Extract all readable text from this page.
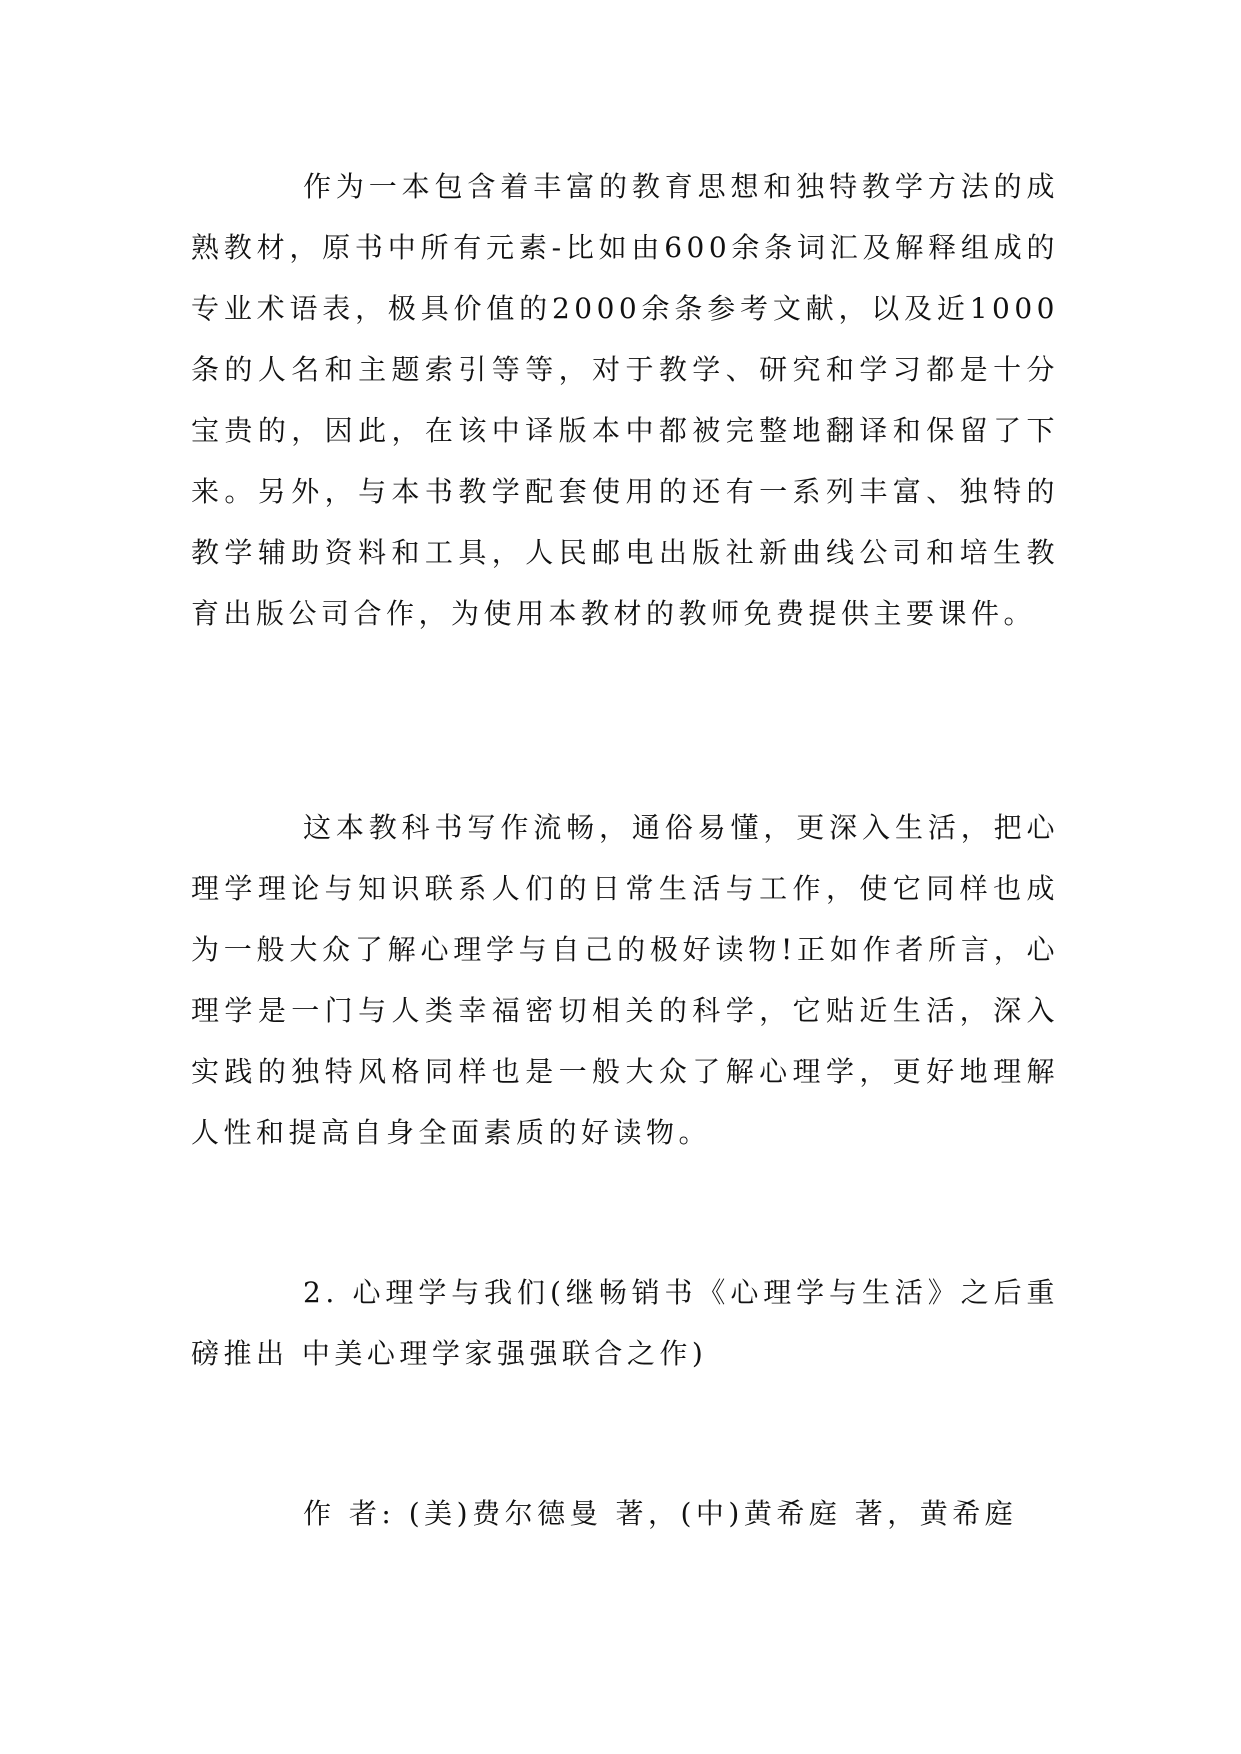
作为一本包含着丰富的教育思想和独特教学方法的成熟教材，原书中所有元素-比如由600余条词汇及解释组成的专业术语表，极具价值的2000余条参考文献，以及近1000条的人名和主题索引等等，对于教学、研究和学习都是十分宝贵的，因此，在该中译版本中都被完整地翻译和保留了下来。另外，与本书教学配套使用的还有一系列丰富、独特的教学辅助资料和工具，人民邮电出版社新曲线公司和培生教育出版公司合作，为使用本教材的教师免费提供主要课件。

这本教科书写作流畅，通俗易懂，更深入生活，把心理学理论与知识联系人们的日常生活与工作，使它同样也成为一般大众了解心理学与自己的极好读物!正如作者所言，心理学是一门与人类幸福密切相关的科学，它贴近生活，深入实践的独特风格同样也是一般大众了解心理学，更好地理解人性和提高自身全面素质的好读物。

2. 心理学与我们(继畅销书《心理学与生活》之后重磅推出 中美心理学家强强联合之作)

作 者: (美)费尔德曼 著，(中)黄希庭 著，黄希庭
